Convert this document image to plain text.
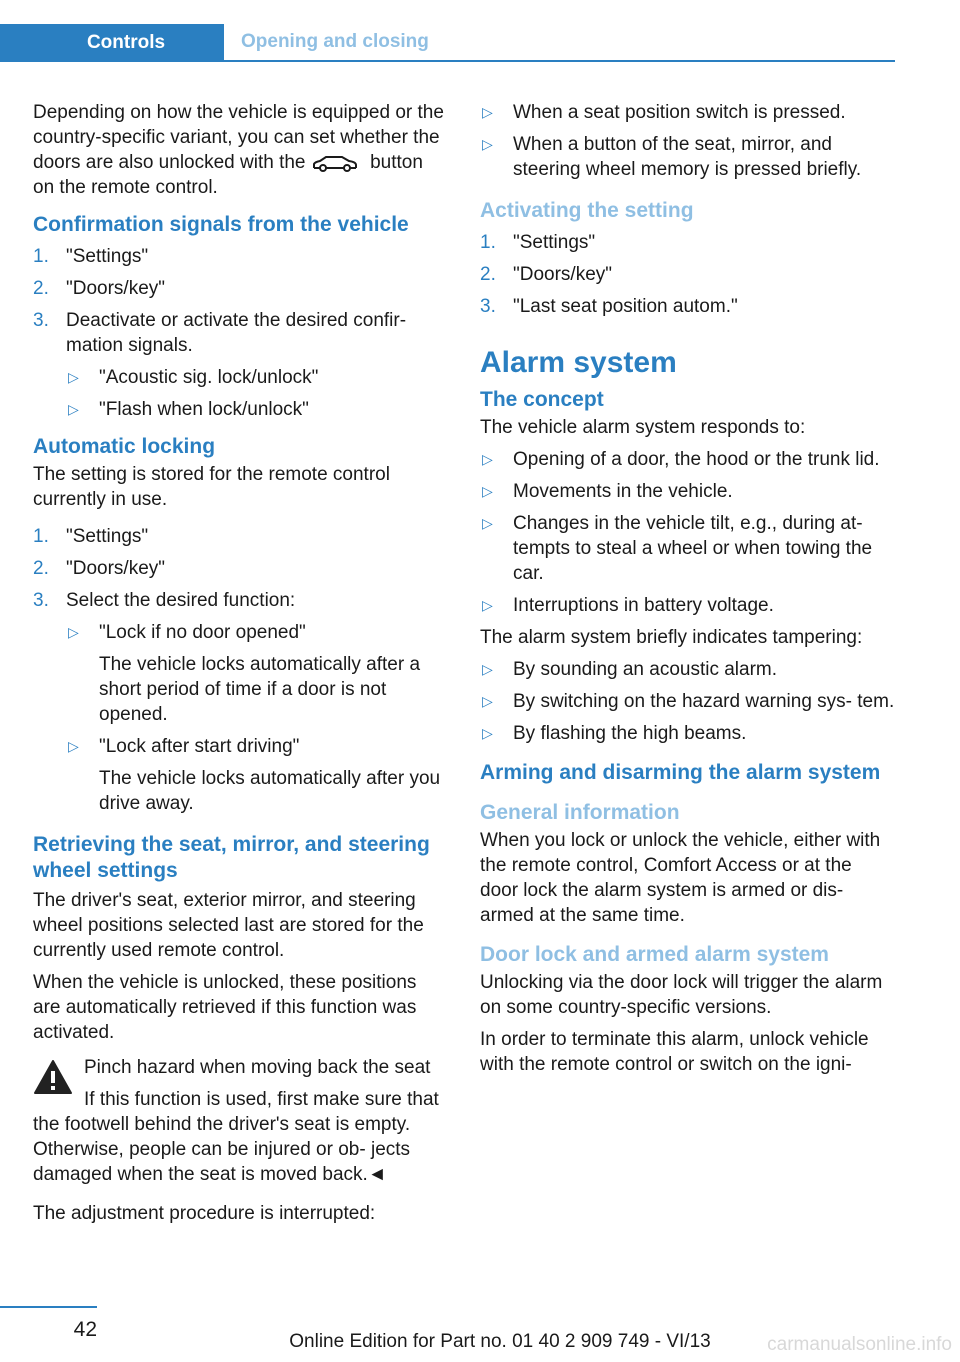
Controls	Opening and closing

Depending on how the vehicle is equipped or the country-specific variant, you can set whether the doors are also unlocked with the	button on the remote control.

Confirmation signals from the vehicle
1. "Settings"
2. "Doors/key"
3. Deactivate or activate the desired confir‐ mation signals.
▷ "Acoustic sig. lock/unlock"
▷ "Flash when lock/unlock"
Automatic locking

The setting is stored for the remote control currently in use.

1. "Settings"
2. "Doors/key"
3. Select the desired function:
▷ "Lock if no door opened"
The vehicle locks automatically after a short period of time if a door is not opened.
▷ "Lock after start driving"
The vehicle locks automatically after you drive away.
Retrieving the seat, mirror, and steering wheel settings

The driver's seat, exterior mirror, and steering wheel positions selected last are stored for the currently used remote control.

When the vehicle is unlocked, these positions are automatically retrieved if this function was activated.

Pinch hazard when moving back the seat
If this function is used, first make sure that the footwell behind the driver's seat is empty. Otherwise, people can be injured or ob‐ jects damaged when the seat is moved back.◄

The adjustment procedure is interrupted:

▷ When a seat position switch is pressed.
▷ When a button of the seat, mirror, and steering wheel memory is pressed briefly.
Activating the setting
1. "Settings"
2. "Doors/key"
3. "Last seat position autom."
Alarm system
The concept

The vehicle alarm system responds to:

▷ Opening of a door, the hood or the trunk lid.
▷ Movements in the vehicle.
▷ Changes in the vehicle tilt, e.g., during at‐ tempts to steal a wheel or when towing the car.
▷ Interruptions in battery voltage.

The alarm system briefly indicates tampering:

▷ By sounding an acoustic alarm.
▷ By switching on the hazard warning sys‐ tem.
▷ By flashing the high beams.
Arming and disarming the alarm system
General information

When you lock or unlock the vehicle, either with the remote control, Comfort Access or at the door lock the alarm system is armed or dis‐ armed at the same time.

Door lock and armed alarm system

Unlocking via the door lock will trigger the alarm on some country-specific versions.

In order to terminate this alarm, unlock vehicle with the remote control or switch on the igni‐

42
Online Edition for Part no. 01 40 2 909 749 - VI/13	carmanualsonline.info
